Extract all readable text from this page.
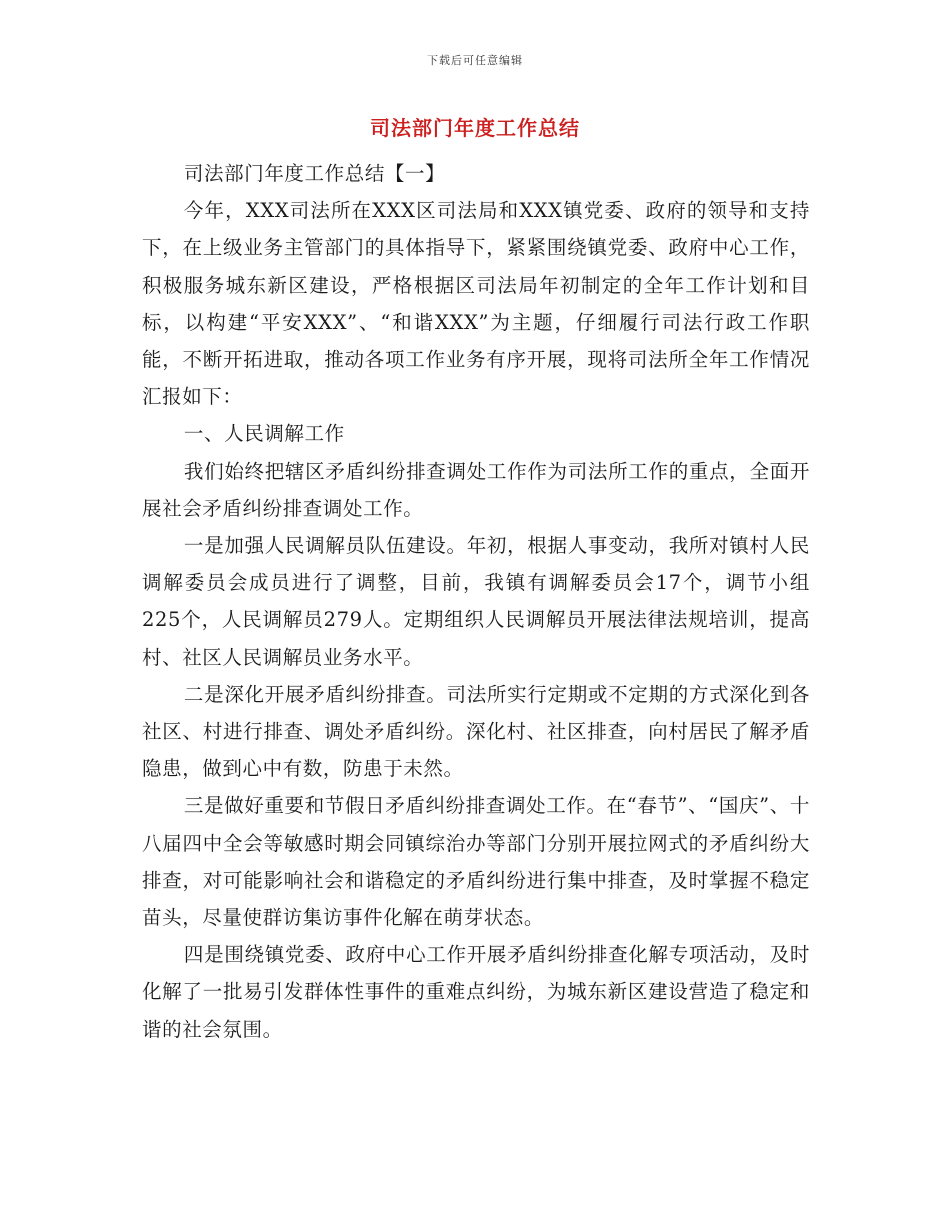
下载后可任意编辑
司法部门年度工作总结

司法部门年度工作总结【一】

今年，XXX司法所在XXX区司法局和XXX镇党委、政府的领导和支持下，在上级业务主管部门的具体指导下，紧紧围绕镇党委、政府中心工作，积极服务城东新区建设，严格根据区司法局年初制定的全年工作计划和目标，以构建“平安XXX”、“和谐XXX”为主题，仔细履行司法行政工作职能，不断开拓进取，推动各项工作业务有序开展，现将司法所全年工作情况汇报如下：

一、人民调解工作

我们始终把辖区矛盾纠纷排查调处工作作为司法所工作的重点，全面开展社会矛盾纠纷排查调处工作。

一是加强人民调解员队伍建设。年初，根据人事变动，我所对镇村人民调解委员会成员进行了调整，目前，我镇有调解委员会17个，调节小组225个，人民调解员279人。定期组织人民调解员开展法律法规培训，提高村、社区人民调解员业务水平。

二是深化开展矛盾纠纷排查。司法所实行定期或不定期的方式深化到各社区、村进行排查、调处矛盾纠纷。深化村、社区排查，向村居民了解矛盾隐患，做到心中有数，防患于未然。

三是做好重要和节假日矛盾纠纷排查调处工作。在“春节”、“国庆”、十八届四中全会等敏感时期会同镇综治办等部门分别开展拉网式的矛盾纠纷大排查，对可能影响社会和谐稳定的矛盾纠纷进行集中排查，及时掌握不稳定苗头，尽量使群访集访事件化解在萌芽状态。

四是围绕镇党委、政府中心工作开展矛盾纠纷排查化解专项活动，及时化解了一批易引发群体性事件的重难点纠纷，为城东新区建设营造了稳定和谐的社会氛围。
